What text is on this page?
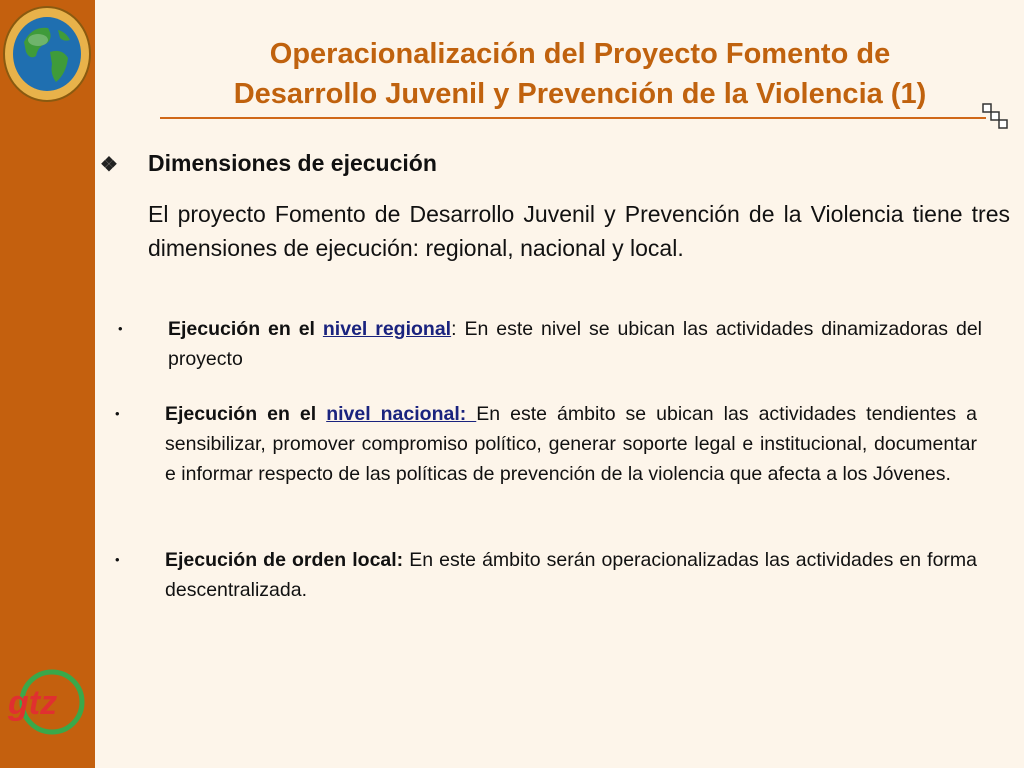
gtz
Operacionalización del Proyecto Fomento de
Desarrollo Juvenil y Prevención de la Violencia (1)
❖ Dimensiones de ejecución
El proyecto Fomento de Desarrollo Juvenil y Prevención de la Violencia tiene tres dimensiones de ejecución: regional, nacional y local.
• Ejecución en el nivel regional: En este nivel se ubican las actividades dinamizadoras del proyecto
• Ejecución en el nivel nacional: En este ámbito se ubican las actividades tendientes a sensibilizar, promover compromiso político, generar soporte legal e institucional, documentar e informar respecto de las políticas de prevención de la violencia que afecta a los Jóvenes.
• Ejecución de orden local: En este ámbito serán operacionalizadas las actividades en forma descentralizada.
